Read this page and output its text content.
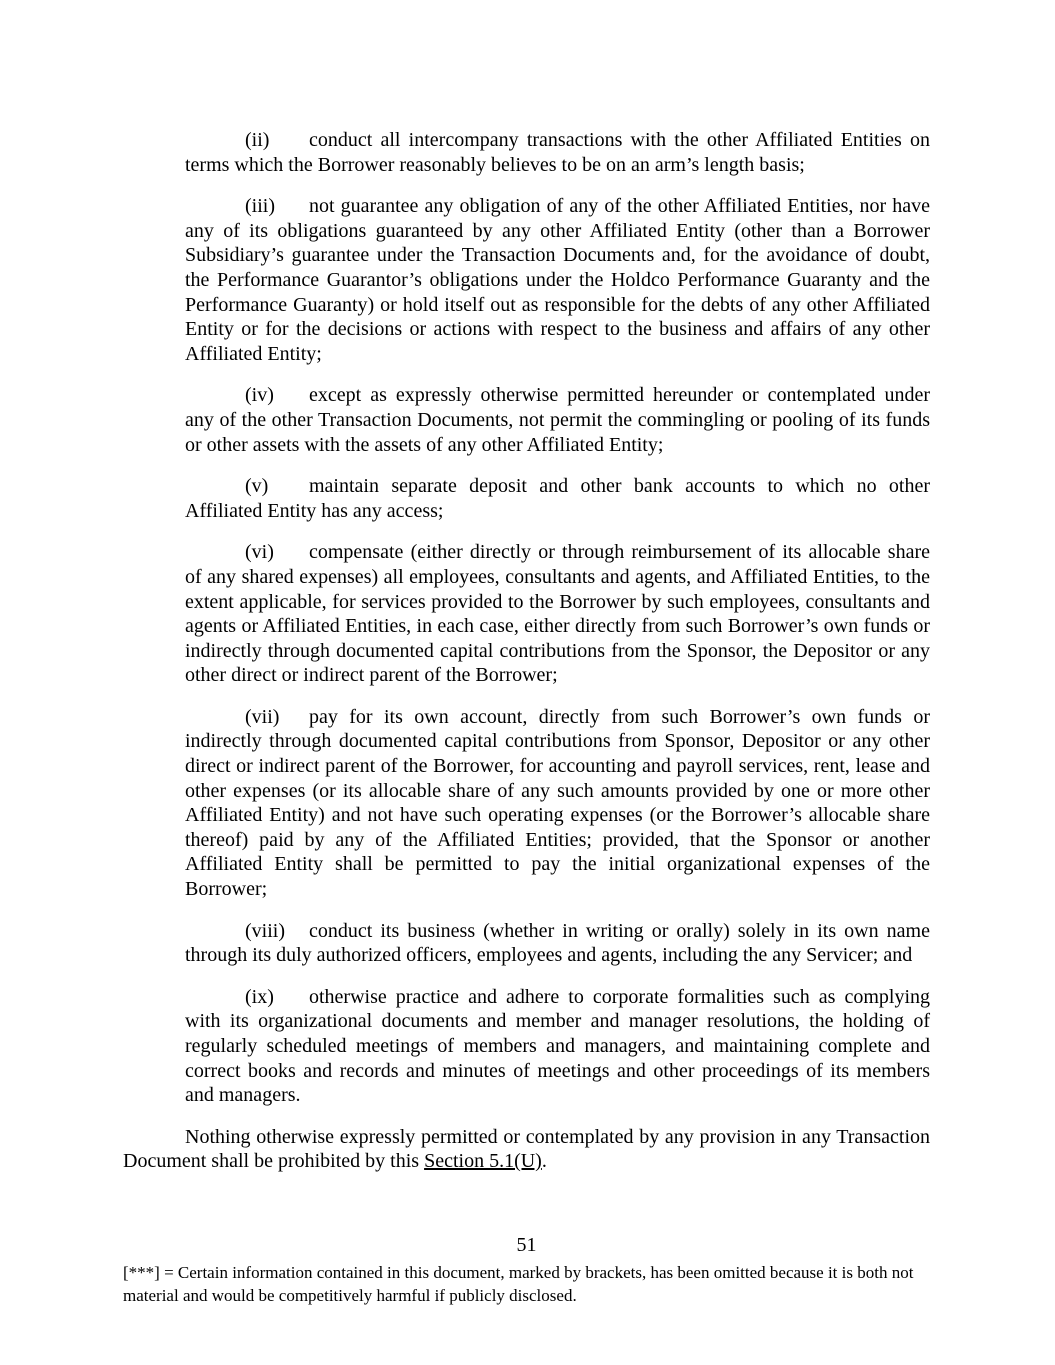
(ii) conduct all intercompany transactions with the other Affiliated Entities on terms which the Borrower reasonably believes to be on an arm’s length basis;

(iii) not guarantee any obligation of any of the other Affiliated Entities, nor have any of its obligations guaranteed by any other Affiliated Entity (other than a Borrower Subsidiary’s guarantee under the Transaction Documents and, for the avoidance of doubt, the Performance Guarantor’s obligations under the Holdco Performance Guaranty and the Performance Guaranty) or hold itself out as responsible for the debts of any other Affiliated Entity or for the decisions or actions with respect to the business and affairs of any other Affiliated Entity;

(iv) except as expressly otherwise permitted hereunder or contemplated under any of the other Transaction Documents, not permit the commingling or pooling of its funds or other assets with the assets of any other Affiliated Entity;

(v) maintain separate deposit and other bank accounts to which no other Affiliated Entity has any access;

(vi) compensate (either directly or through reimbursement of its allocable share of any shared expenses) all employees, consultants and agents, and Affiliated Entities, to the extent applicable, for services provided to the Borrower by such employees, consultants and agents or Affiliated Entities, in each case, either directly from such Borrower’s own funds or indirectly through documented capital contributions from the Sponsor, the Depositor or any other direct or indirect parent of the Borrower;

(vii) pay for its own account, directly from such Borrower’s own funds or indirectly through documented capital contributions from Sponsor, Depositor or any other direct or indirect parent of the Borrower, for accounting and payroll services, rent, lease and other expenses (or its allocable share of any such amounts provided by one or more other Affiliated Entity) and not have such operating expenses (or the Borrower’s allocable share thereof) paid by any of the Affiliated Entities; provided, that the Sponsor or another Affiliated Entity shall be permitted to pay the initial organizational expenses of the Borrower;

(viii) conduct its business (whether in writing or orally) solely in its own name through its duly authorized officers, employees and agents, including the any Servicer; and

(ix) otherwise practice and adhere to corporate formalities such as complying with its organizational documents and member and manager resolutions, the holding of regularly scheduled meetings of members and managers, and maintaining complete and correct books and records and minutes of meetings and other proceedings of its members and managers.

Nothing otherwise expressly permitted or contemplated by any provision in any Transaction Document shall be prohibited by this Section 5.1(U).

51

[***] = Certain information contained in this document, marked by brackets, has been omitted because it is both not material and would be competitively harmful if publicly disclosed.
